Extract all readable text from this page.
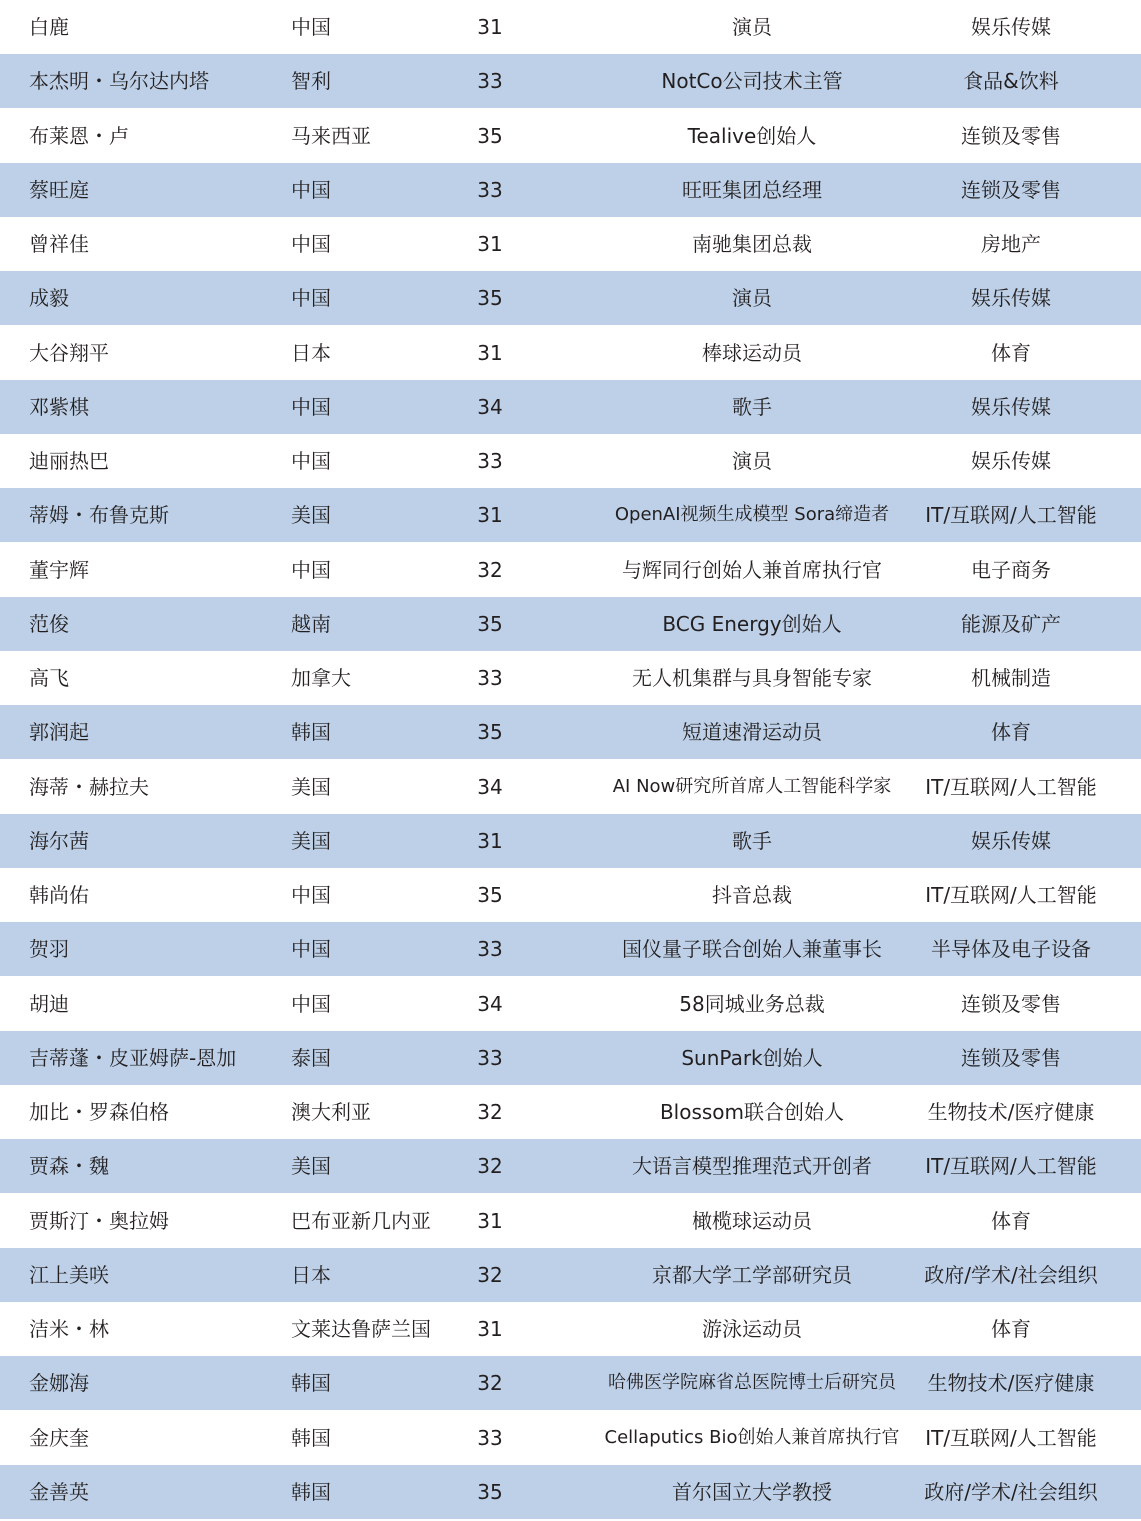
白鹿	中国	31	演员	娱乐传媒
本杰明・乌尔达内塔	智利	33	NotCo公司技术主管	食品&饮料
布莱恩・卢	马来西亚	35	Tealive创始人	连锁及零售
蔡旺庭	中国	33	旺旺集团总经理	连锁及零售
曾祥佳	中国	31	南驰集团总裁	房地产
成毅	中国	35	演员	娱乐传媒
大谷翔平	日本	31	棒球运动员	体育
邓紫棋	中国	34	歌手	娱乐传媒
迪丽热巴	中国	33	演员	娱乐传媒
蒂姆・布鲁克斯	美国	31	OpenAI视频生成模型 Sora缔造者	IT/互联网/人工智能
董宇辉	中国	32	与辉同行创始人兼首席执行官	电子商务
范俊	越南	35	BCG Energy创始人	能源及矿产
高飞	加拿大	33	无人机集群与具身智能专家	机械制造
郭润起	韩国	35	短道速滑运动员	体育
海蒂・赫拉夫	美国	34	AI Now研究所首席人工智能科学家	IT/互联网/人工智能
海尔茜	美国	31	歌手	娱乐传媒
韩尚佑	中国	35	抖音总裁	IT/互联网/人工智能
贺羽	中国	33	国仪量子联合创始人兼董事长	半导体及电子设备
胡迪	中国	34	58同城业务总裁	连锁及零售
吉蒂蓬・皮亚姆萨-恩加	泰国	33	SunPark创始人	连锁及零售
加比・罗森伯格	澳大利亚	32	Blossom联合创始人	生物技术/医疗健康
贾森・魏	美国	32	大语言模型推理范式开创者	IT/互联网/人工智能
贾斯汀・奥拉姆	巴布亚新几内亚	31	橄榄球运动员	体育
江上美咲	日本	32	京都大学工学部研究员	政府/学术/社会组织
洁米・林	文莱达鲁萨兰国	31	游泳运动员	体育
金娜海	韩国	32	哈佛医学院麻省总医院博士后研究员	生物技术/医疗健康
金庆奎	韩国	33	Cellaputics Bio创始人兼首席执行官	IT/互联网/人工智能
金善英	韩国	35	首尔国立大学教授	政府/学术/社会组织
